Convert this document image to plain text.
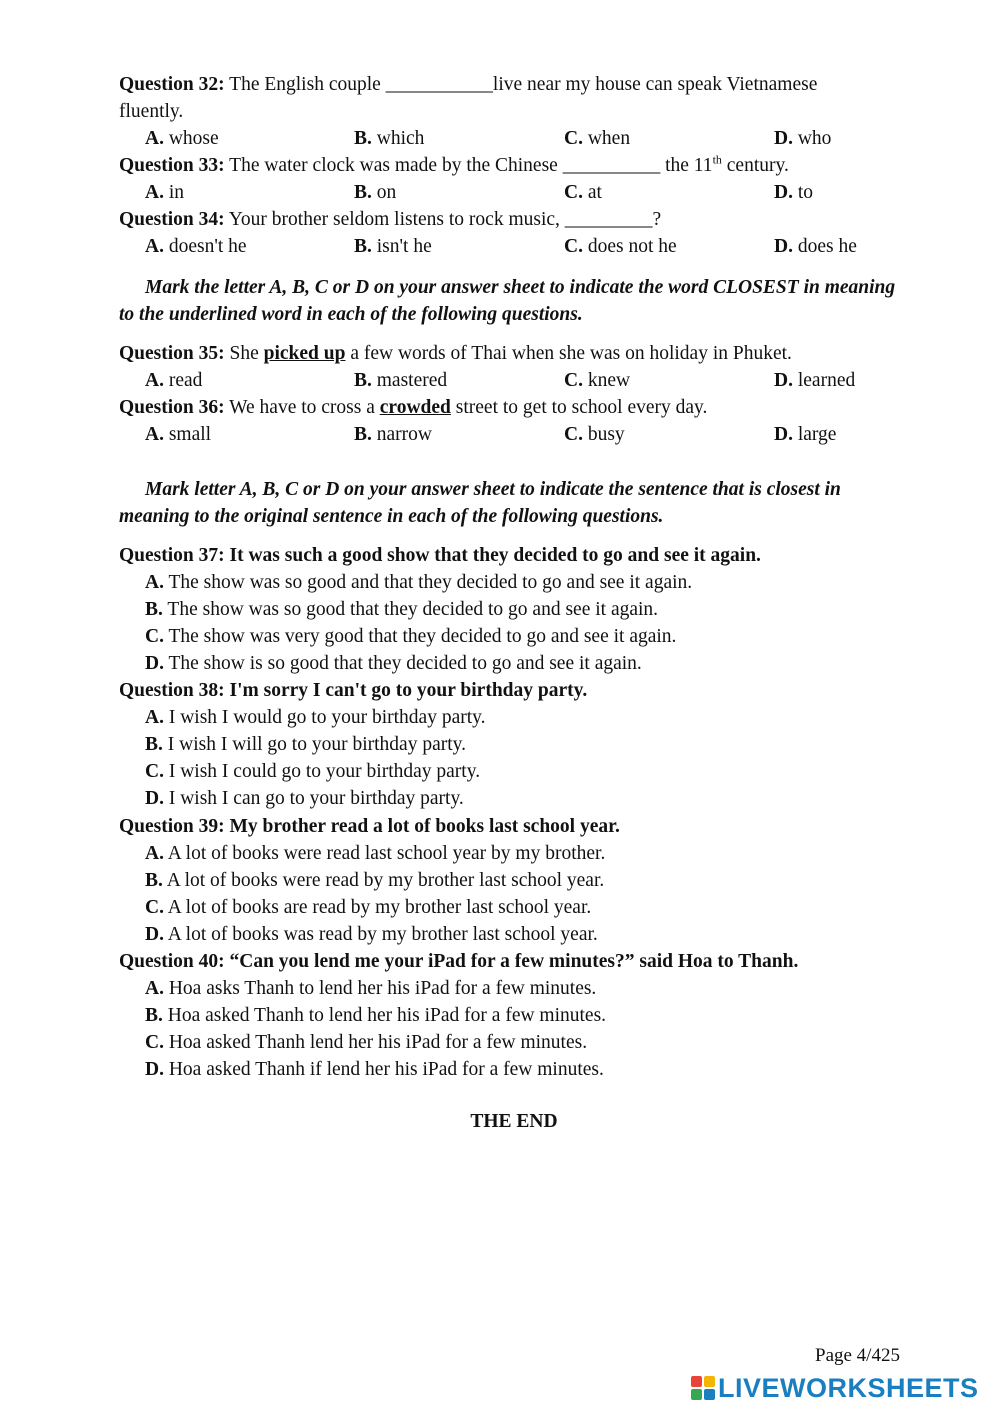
Question 32: The English couple ___________live near my house can speak Vietnamese
fluently.
A. whose	B. which	C. when	D. who
Question 33: The water clock was made by the Chinese __________ the 11th century.
A. in	B. on	C. at	D. to
Question 34: Your brother seldom listens to rock music, _________?
A. doesn't he	B. isn't he	C. does not he	D. does he
Mark the letter A, B, C or D on your answer sheet to indicate the word CLOSEST in meaning to the underlined word in each of the following questions.
Question 35: She picked up a few words of Thai when she was on holiday in Phuket.
A. read	B. mastered	C. knew	D. learned
Question 36: We have to cross a crowded street to get to school every day.
A. small	B. narrow	C. busy	D. large
Mark letter A, B, C or D on your answer sheet to indicate the sentence that is closest in meaning to the original sentence in each of the following questions.
Question 37: It was such a good show that they decided to go and see it again.
A. The show was so good and that they decided to go and see it again.
B. The show was so good that they decided to go and see it again.
C. The show was very good that they decided to go and see it again.
D. The show is so good that they decided to go and see it again.
Question 38: I'm sorry I can't go to your birthday party.
A. I wish I would go to your birthday party.
B. I wish I will go to your birthday party.
C. I wish I could go to your birthday party.
D. I wish I can go to your birthday party.
Question 39: My brother read a lot of books last school year.
A. A lot of books were read last school year by my brother.
B. A lot of books were read by my brother last school year.
C. A lot of books are read by my brother last school year.
D. A lot of books was read by my brother last school year.
Question 40: “Can you lend me your iPad for a few minutes?” said Hoa to Thanh.
A. Hoa asks Thanh to lend her his iPad for a few minutes.
B. Hoa asked Thanh to lend her his iPad for a few minutes.
C. Hoa asked Thanh lend her his iPad for a few minutes.
D. Hoa asked Thanh if lend her his iPad for a few minutes.
THE END
Page 4/425
LIVEWORKSHEETS
